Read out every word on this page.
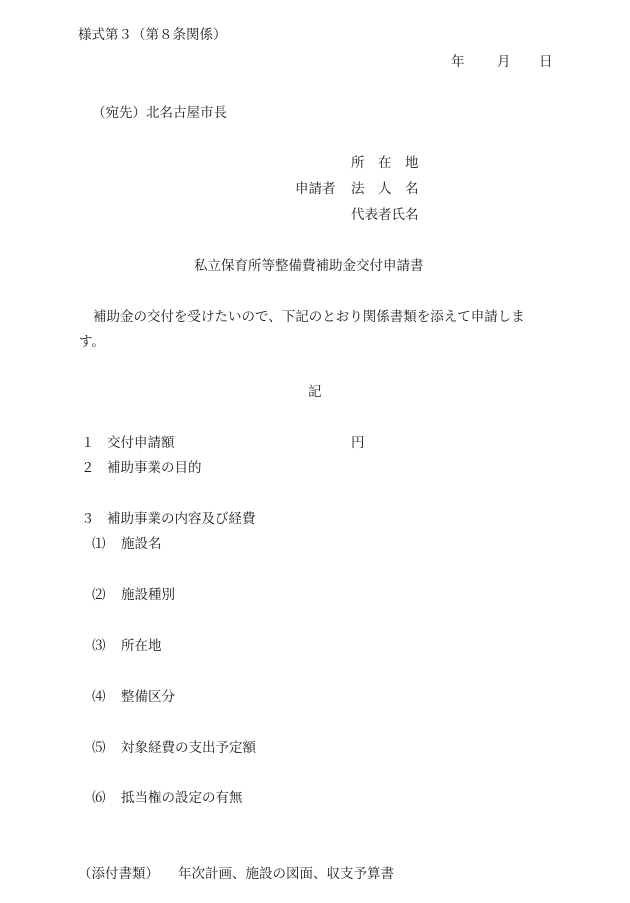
様式第３（第８条関係）
年 月 日
（宛先）北名古屋市長
申請者
所　在　地
法　人　名
代表者氏名
私立保育所等整備費補助金交付申請書
補助金の交付を受けたいので、下記のとおり関係書類を添えて申請しま
す。
記
１ 交付申請額	円
２ 補助事業の目的
３ 補助事業の内容及び経費
⑴ 施設名
⑵ 施設種別
⑶ 所在地
⑷ 整備区分
⑸ 対象経費の支出予定額
⑹ 抵当権の設定の有無
（添付書類） 年次計画、施設の図面、収支予算書
